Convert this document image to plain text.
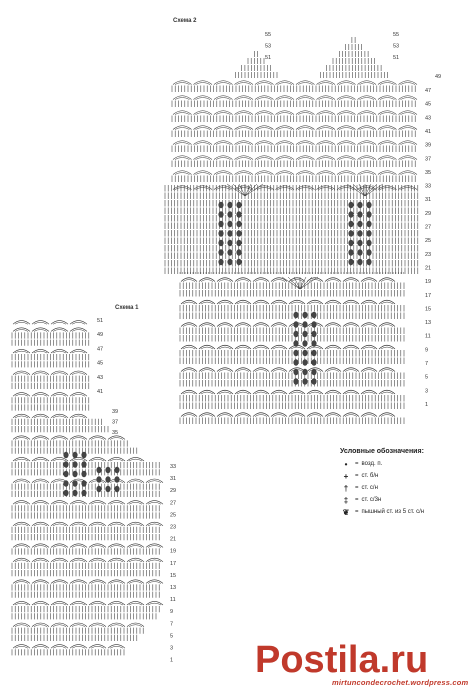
Схема 2
Схема 1
47
45
43
41
39
37
35
33
31
29
27
25
23
21
19
17
15
13
11
9
7
5
3
1
55
53
51
55
53
51
49
51
49
47
45
43
41
39
37
35
33
31
29
27
25
23
21
19
17
15
13
11
9
7
5
3
1
Условные обозначения:
•	= возд. п.
+	= ст. б/н
†	= ст. с/н
‡	= ст. с/3н
❦ = пышный ст. из 5 ст. с/н
Postila.ru
mirtuncondecrochet.wordpress.com
